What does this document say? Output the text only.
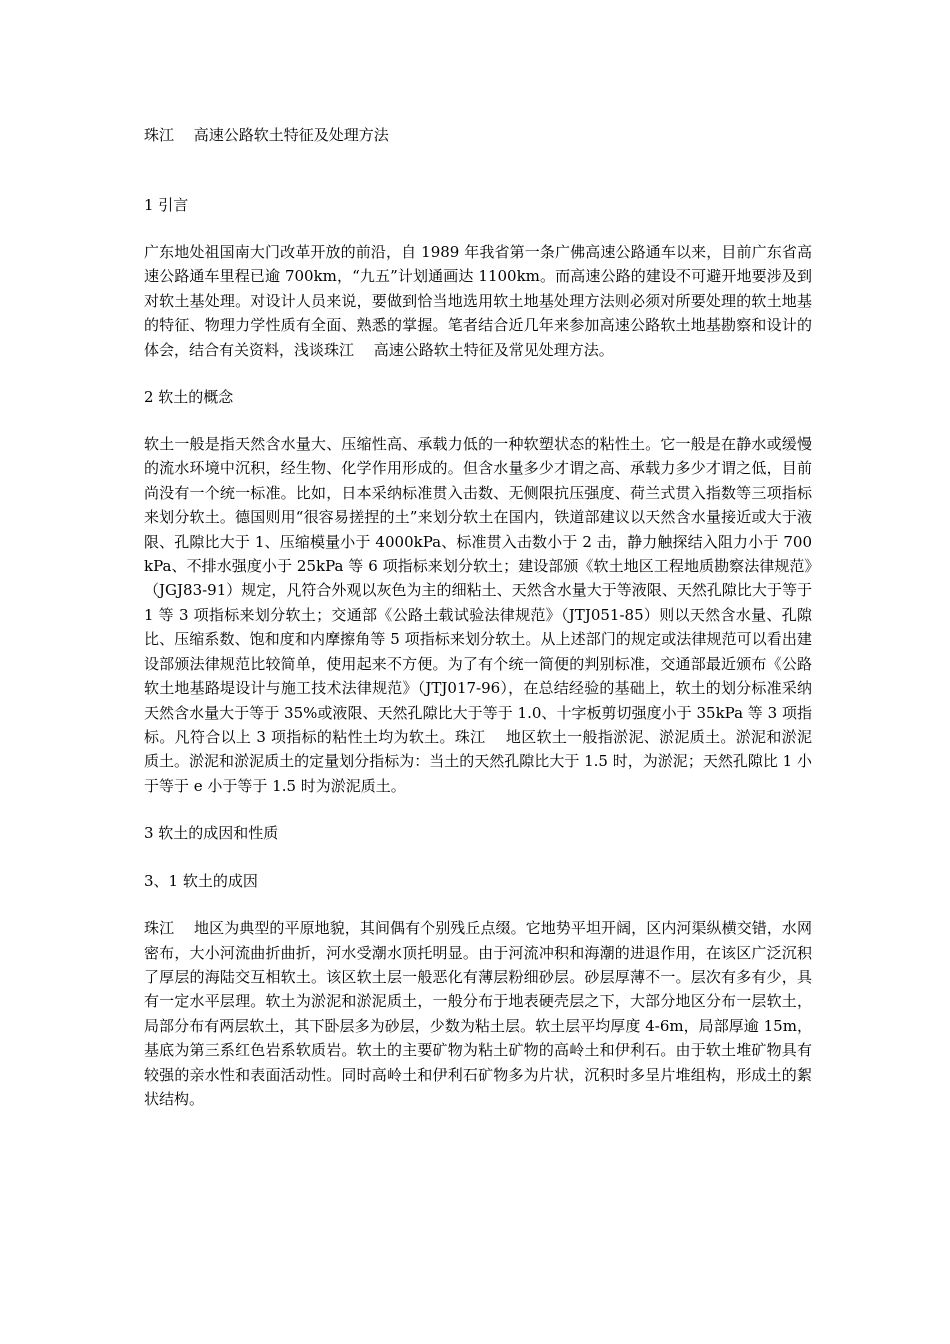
珠江　 高速公路软土特征及处理方法
1 引言

广东地处祖国南大门改革开放的前沿，自 1989 年我省第一条广佛高速公路通车以来，目前广东省高速公路通车里程已逾 700km，“九五”计划通画达 1100km。而高速公路的建设不可避开地要涉及到对软土基处理。对设计人员来说，要做到恰当地选用软土地基处理方法则必须对所要处理的软土地基的特征、物理力学性质有全面、熟悉的掌握。笔者结合近几年来参加高速公路软土地基勘察和设计的体会，结合有关资料，浅谈珠江　 高速公路软土特征及常见处理方法。

2 软土的概念

软土一般是指天然含水量大、压缩性高、承载力低的一种软塑状态的粘性土。它一般是在静水或缓慢的流水环境中沉积，经生物、化学作用形成的。但含水量多少才谓之高、承载力多少才谓之低，目前尚没有一个统一标准。比如，日本采纳标准贯入击数、无侧限抗压强度、荷兰式贯入指数等三项指标来划分软土。德国则用“很容易搓捏的土”来划分软土在国内，铁道部建议以天然含水量接近或大于液限、孔隙比大于 1、压缩模量小于 4000kPa、标准贯入击数小于 2 击，静力触探结入阻力小于 700kPa、不排水强度小于 25kPa 等 6 项指标来划分软土；建设部颁《软土地区工程地质勘察法律规范》（JGJ83-91）规定，凡符合外观以灰色为主的细粘土、天然含水量大于等液限、天然孔隙比大于等于 1 等 3 项指标来划分软土；交通部《公路土载试验法律规范》（JTJ051-85）则以天然含水量、孔隙比、压缩系数、饱和度和内摩擦角等 5 项指标来划分软土。从上述部门的规定或法律规范可以看出建设部颁法律规范比较简单，使用起来不方便。为了有个统一简便的判别标准，交通部最近颁布《公路软土地基路堤设计与施工技术法律规范》（JTJ017-96），在总结经验的基础上，软土的划分标准采纳天然含水量大于等于 35%或液限、天然孔隙比大于等于 1.0、十字板剪切强度小于 35kPa 等 3 项指标。凡符合以上 3 项指标的粘性土均为软土。珠江　 地区软土一般指淤泥、淤泥质土。淤泥和淤泥质土。淤泥和淤泥质土的定量划分指标为：当土的天然孔隙比大于 1.5 时，为淤泥；天然孔隙比 1 小于等于 e 小于等于 1.5 时为淤泥质土。

3 软土的成因和性质
3、1 软土的成因

珠江　 地区为典型的平原地貌，其间偶有个别残丘点缀。它地势平坦开阔，区内河渠纵横交错，水网密布，大小河流曲折曲折，河水受潮水顶托明显。由于河流冲积和海潮的进退作用，在该区广泛沉积了厚层的海陆交互相软土。该区软土层一般恶化有薄层粉细砂层。砂层厚薄不一。层次有多有少，具有一定水平层理。软土为淤泥和淤泥质土，一般分布于地表硬壳层之下，大部分地区分布一层软土，局部分布有两层软土，其下卧层多为砂层，少数为粘土层。软土层平均厚度 4-6m，局部厚逾 15m，基底为第三系红色岩系软质岩。软土的主要矿物为粘土矿物的高岭土和伊利石。由于软土堆矿物具有较强的亲水性和表面活动性。同时高岭土和伊利石矿物多为片状，沉积时多呈片堆组构，形成土的絮状结构。
